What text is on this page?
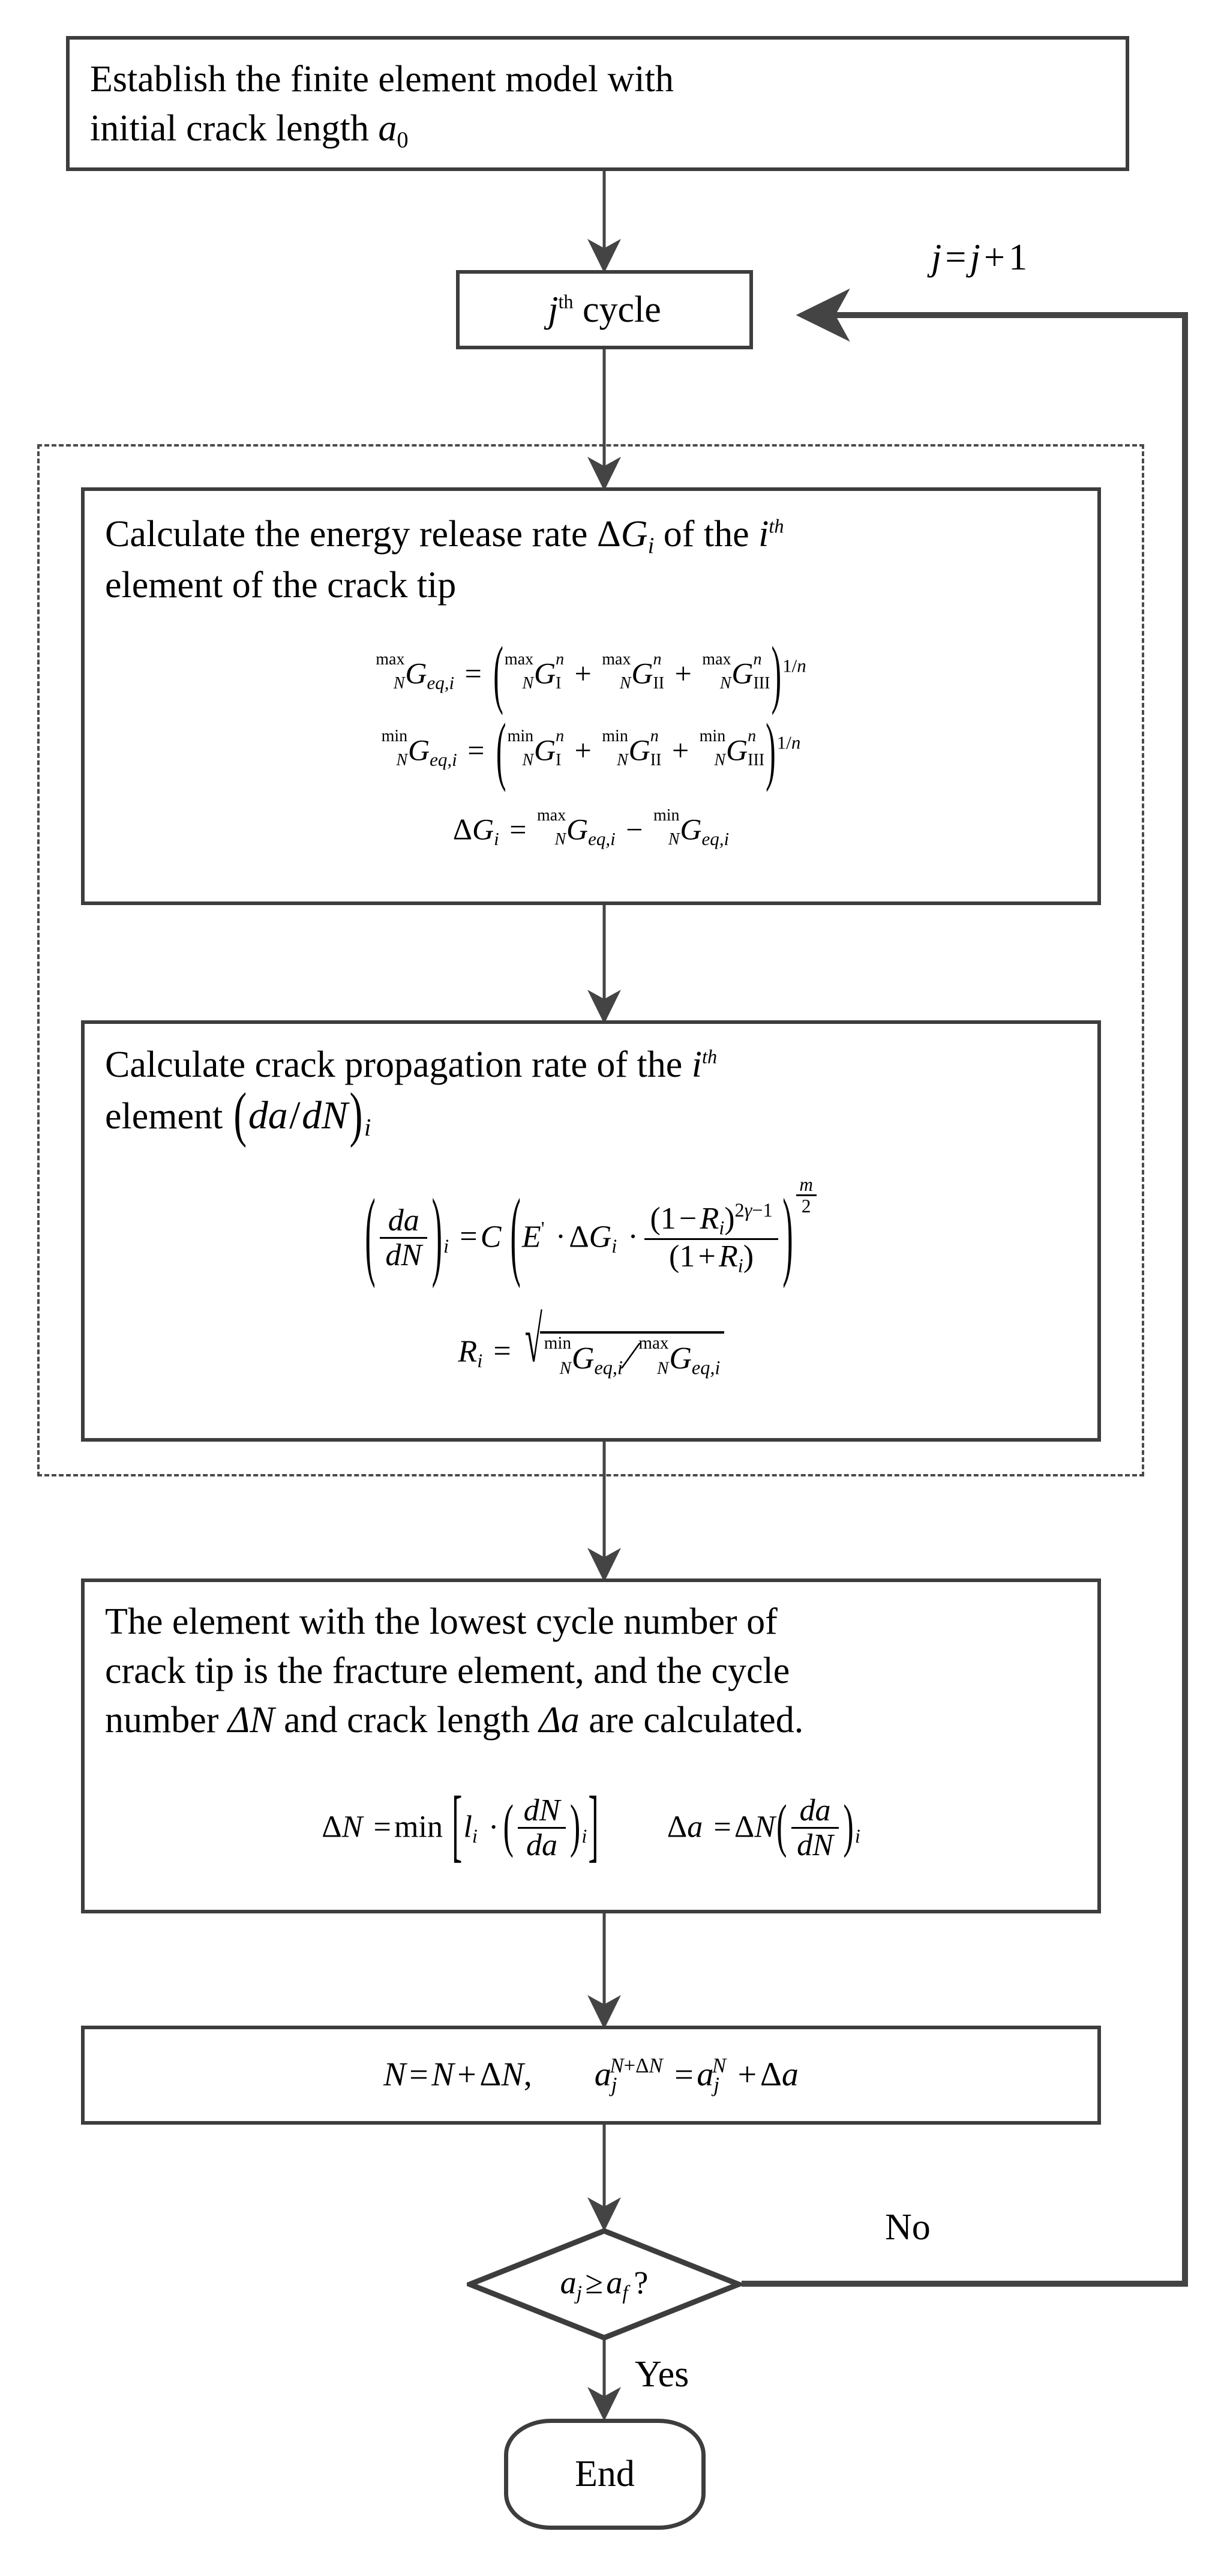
Establish the finite element model with
initial crack length a0
$j^{th}$ cycle
j=j+1
Calculate the energy release rate $\Delta G_i$ of the $i^{th}$
element of the crack tip
max
N $G_{eq,i}$ = ( max
N G n
I + max
N G n
II + max
N G n
III )$^{1/n}$
min
N $G_{eq,i}$ = ( min
N G n
I + min
N G n
II + min
N G n
III )$^{1/n}$
$\Delta G_i = \max$
N $G_{eq,i} - \min$
N $G_{eq,i}$
Calculate crack propagation rate of the $i^{th}$
element $(da/dN)_i$
( $\frac{da}{dN} )_i =C$ ($E' \cdot\Delta G_i \cdot \frac{(1-R_i)^{2\gamma-1}}{(1+R_i)}$ ) $\frac{m}{2}$
$R_i$ = √ min
N $G_{eq,i}$ ⁄ max
N $G_{eq,i}$
The element with the lowest cycle number of
crack tip is the fracture element, and the cycle
number ΔN and crack length Δa are calculated.
ΔN =min [$l_i$ · ( $\frac{dN}{da} )_i$] $\Delta a =\Delta N( \frac{da}{dN} )_i$
N=N+ΔN, $a_j^{N+\Delta N} =a_j^N +\Delta a$
$a_j\ge a_f$ ?
No
Yes
End
